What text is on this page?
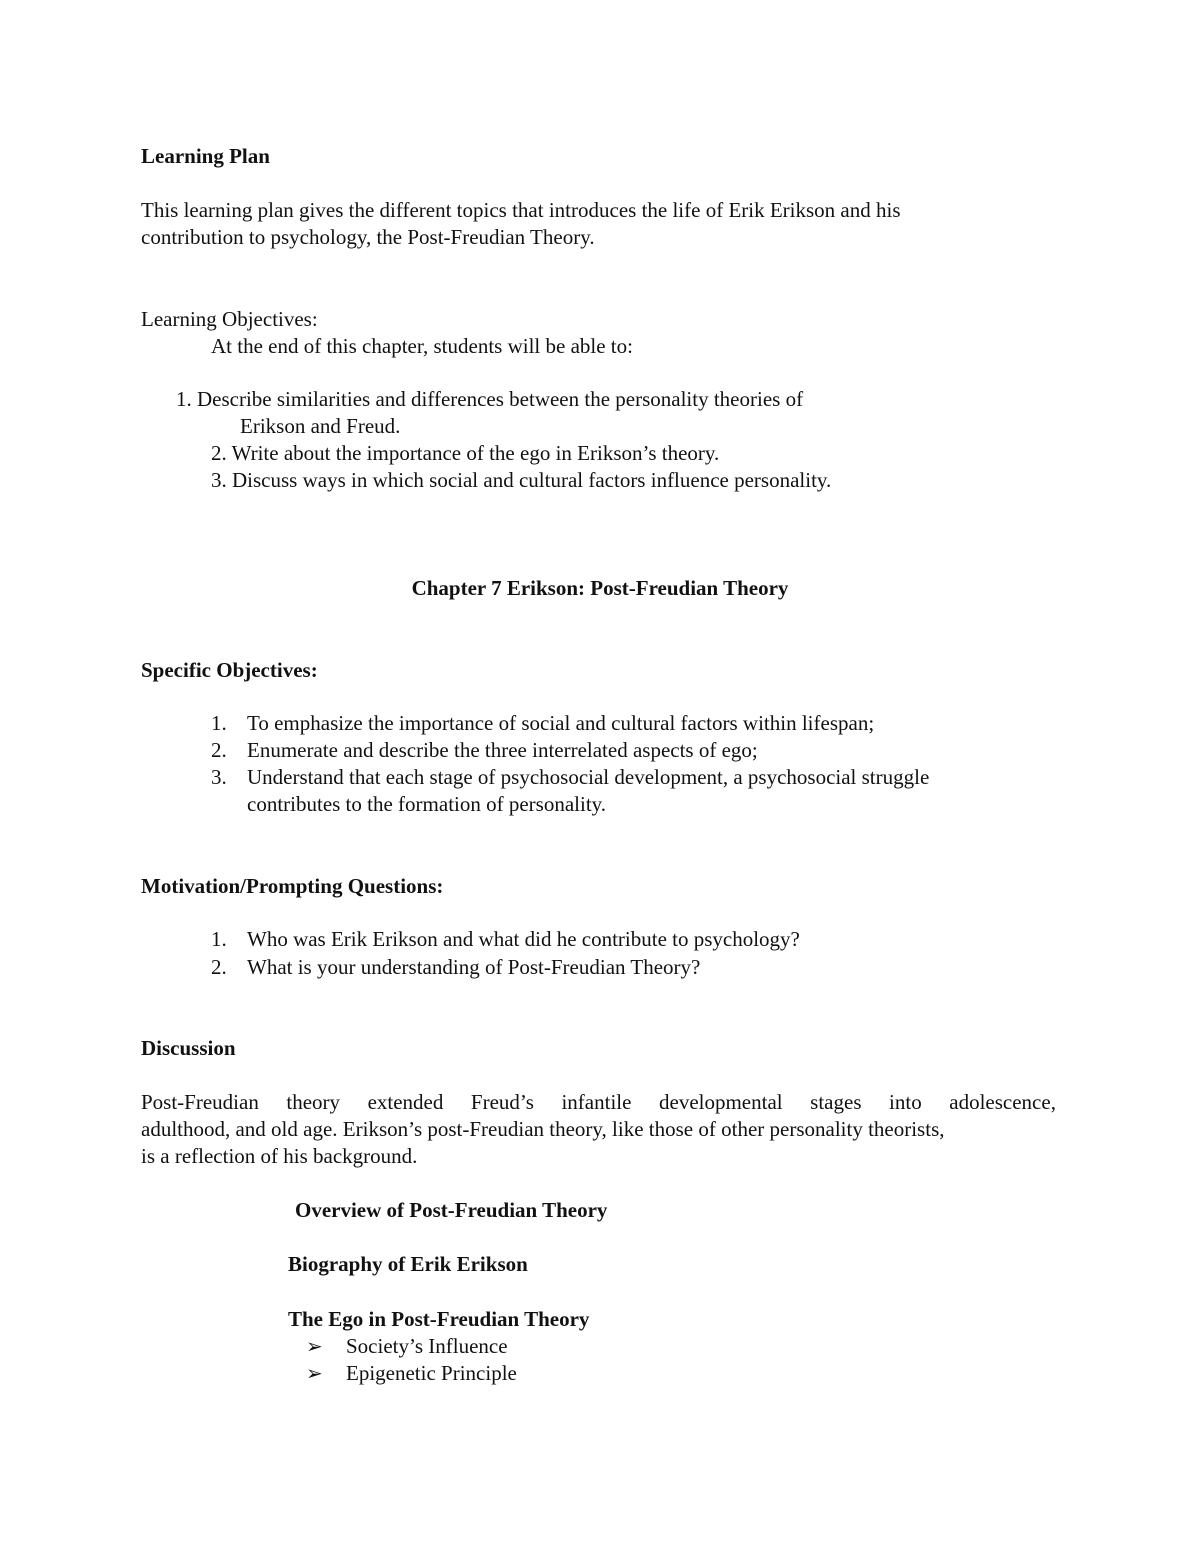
Learning Plan
This learning plan gives the different topics that introduces the life of Erik Erikson and his
contribution to psychology, the Post-Freudian Theory.
Learning Objectives:
At the end of this chapter, students will be able to:
1. Describe similarities and differences between the personality theories of
Erikson and Freud.
2. Write about the importance of the ego in Erikson’s theory.
3. Discuss ways in which social and cultural factors influence personality.
Chapter 7 Erikson: Post-Freudian Theory
Specific Objectives:
1. To emphasize the importance of social and cultural factors within lifespan;
2. Enumerate and describe the three interrelated aspects of ego;
3. Understand that each stage of psychosocial development, a psychosocial struggle
contributes to the formation of personality.
Motivation/Prompting Questions:
1. Who was Erik Erikson and what did he contribute to psychology?
2. What is your understanding of Post-Freudian Theory?
Discussion
Post-Freudian theory extended Freud’s infantile developmental stages into adolescence,
adulthood, and old age. Erikson’s post-Freudian theory, like those of other personality theorists,
is a reflection of his background.
Overview of Post-Freudian Theory
Biography of Erik Erikson
The Ego in Post-Freudian Theory
➢ Society’s Influence
➢ Epigenetic Principle
